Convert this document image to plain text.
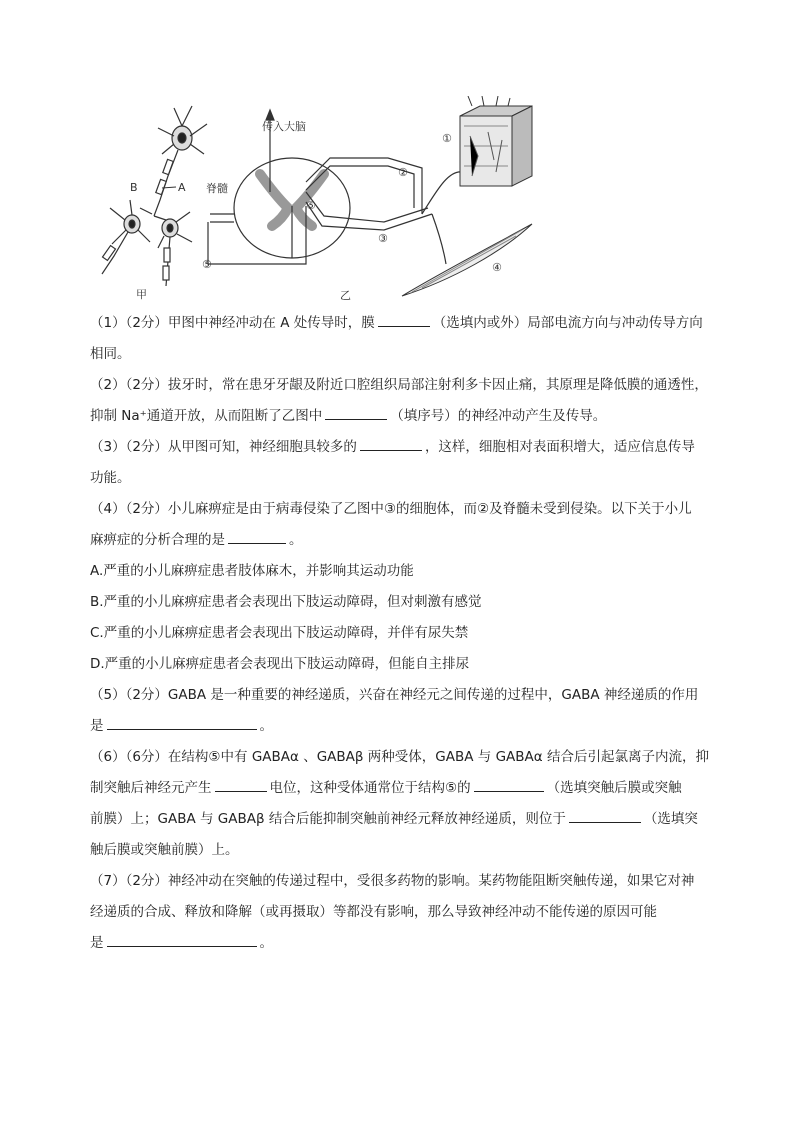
B	A
甲
传入大脑
脊髓
⑤
⑤
②
③
乙
①
④

（1）（2分）甲图中神经冲动在 A 处传导时，膜	（选填内或外）局部电流方向与冲动传导方向
相同。

（2）（2分）拔牙时，常在患牙牙龈及附近口腔组织局部注射利多卡因止痛，其原理是降低膜的通透性，
抑制 Na⁺通道开放，从而阻断了乙图中	（填序号）的神经冲动产生及传导。

（3）（2分）从甲图可知，神经细胞具较多的	，这样，细胞相对表面积增大，适应信息传导
功能。

（4）（2分）小儿麻痹症是由于病毒侵染了乙图中③的细胞体，而②及脊髓未受到侵染。以下关于小儿
麻痹症的分析合理的是	。

A.严重的小儿麻痹症患者肢体麻木，并影响其运动功能

B.严重的小儿麻痹症患者会表现出下肢运动障碍，但对刺激有感觉

C.严重的小儿麻痹症患者会表现出下肢运动障碍，并伴有尿失禁

D.严重的小儿麻痹症患者会表现出下肢运动障碍，但能自主排尿

（5）（2分）GABA 是一种重要的神经递质，兴奋在神经元之间传递的过程中，GABA 神经递质的作用
是	。

（6）（6分）在结构⑤中有 GABAα 、GABAβ 两种受体，GABA 与 GABAα 结合后引起氯离子内流，抑
制突触后神经元产生	电位，这种受体通常位于结构⑤的	（选填突触后膜或突触
前膜）上；GABA 与 GABAβ 结合后能抑制突触前神经元释放神经递质，则位于	（选填突
触后膜或突触前膜）上。

（7）（2分）神经冲动在突触的传递过程中，受很多药物的影响。某药物能阻断突触传递，如果它对神
经递质的合成、释放和降解（或再摄取）等都没有影响，那么导致神经冲动不能传递的原因可能
是	。
